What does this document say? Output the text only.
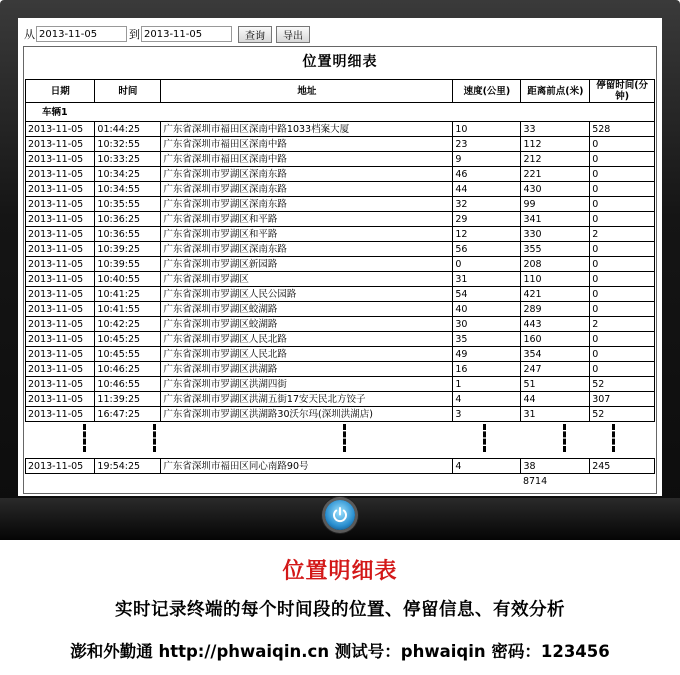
从
2013-11-05	到
2013-11-05	查询	导出
位置明细表
日期	时间	地址	速度(公里)	距离前点(米)	停留时间(分钟)
车辆1					
2013-11-05	01:44:25	广东省深圳市福田区深南中路1033档案大厦	10	33	528
2013-11-05	10:32:55	广东省深圳市福田区深南中路	23	112	0
2013-11-05	10:33:25	广东省深圳市福田区深南中路	9	212	0
2013-11-05	10:34:25	广东省深圳市罗湖区深南东路	46	221	0
2013-11-05	10:34:55	广东省深圳市罗湖区深南东路	44	430	0
2013-11-05	10:35:55	广东省深圳市罗湖区深南东路	32	99	0
2013-11-05	10:36:25	广东省深圳市罗湖区和平路	29	341	0
2013-11-05	10:36:55	广东省深圳市罗湖区和平路	12	330	2
2013-11-05	10:39:25	广东省深圳市罗湖区深南东路	56	355	0
2013-11-05	10:39:55	广东省深圳市罗湖区新园路	0	208	0
2013-11-05	10:40:55	广东省深圳市罗湖区	31	110	0
2013-11-05	10:41:25	广东省深圳市罗湖区人民公园路	54	421	0
2013-11-05	10:41:55	广东省深圳市罗湖区蛟湖路	40	289	0
2013-11-05	10:42:25	广东省深圳市罗湖区蛟湖路	30	443	2
2013-11-05	10:45:25	广东省深圳市罗湖区人民北路	35	160	0
2013-11-05	10:45:55	广东省深圳市罗湖区人民北路	49	354	0
2013-11-05	10:46:25	广东省深圳市罗湖区洪湖路	16	247	0
2013-11-05	10:46:55	广东省深圳市罗湖区洪湖四街	1	51	52
2013-11-05	11:39:25	广东省深圳市罗湖区洪湖五街17安天民北方饺子	4	44	307
2013-11-05	16:47:25	广东省深圳市罗湖区洪湖路30沃尔玛(深圳洪湖店)	3	31	52

2013-11-05	19:54:25	广东省深圳市福田区同心南路90号	4	38	245
				8714	
位置明细表
实时记录终端的每个时间段的位置、停留信息、有效分析
澎和外勤通 http://phwaiqin.cn 测试号：phwaiqin 密码：123456
